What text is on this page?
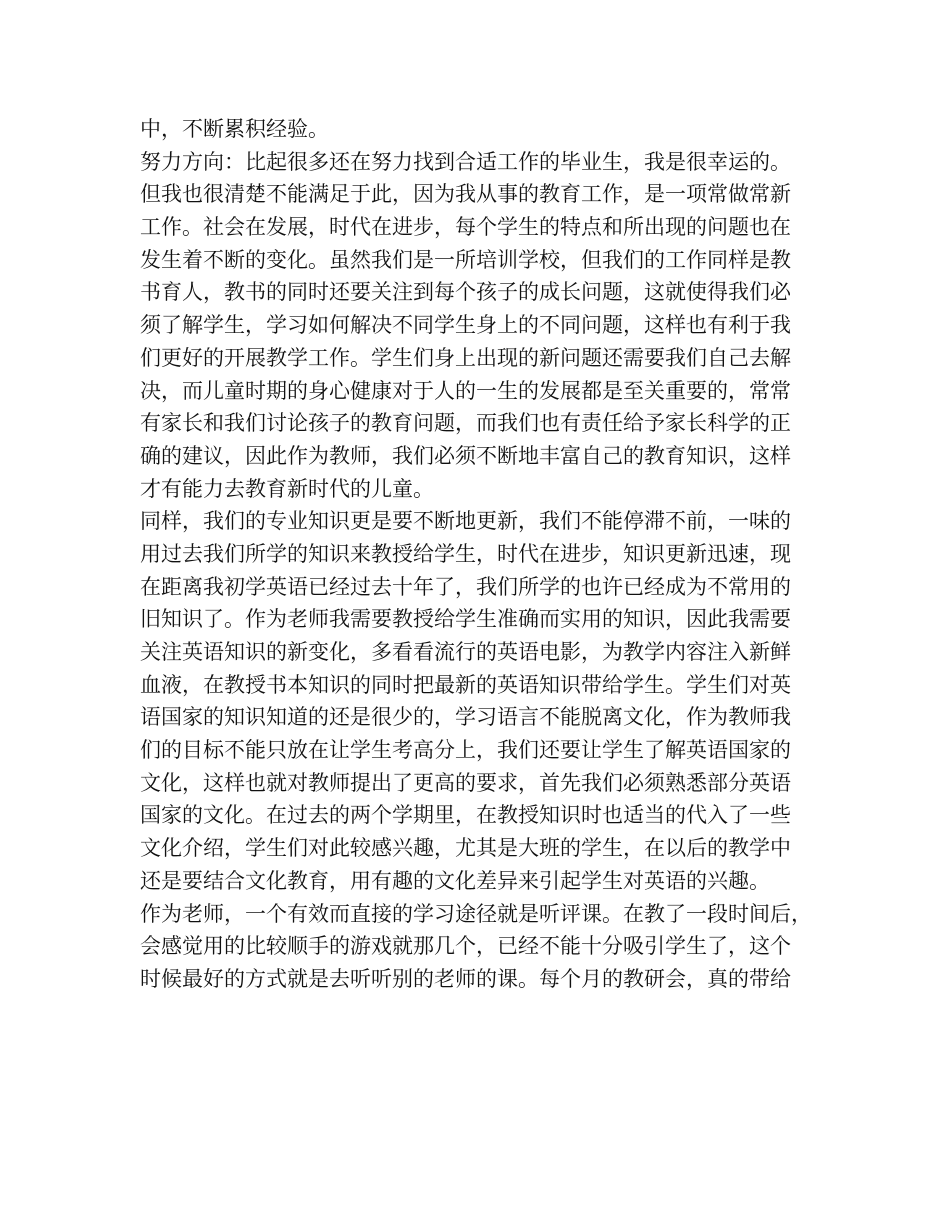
中，不断累积经验。
努力方向：比起很多还在努力找到合适工作的毕业生，我是很幸运的。
但我也很清楚不能满足于此，因为我从事的教育工作，是一项常做常新
工作。社会在发展，时代在进步，每个学生的特点和所出现的问题也在
发生着不断的变化。虽然我们是一所培训学校，但我们的工作同样是教
书育人，教书的同时还要关注到每个孩子的成长问题，这就使得我们必
须了解学生，学习如何解决不同学生身上的不同问题，这样也有利于我
们更好的开展教学工作。学生们身上出现的新问题还需要我们自己去解
决，而儿童时期的身心健康对于人的一生的发展都是至关重要的，常常
有家长和我们讨论孩子的教育问题，而我们也有责任给予家长科学的正
确的建议，因此作为教师，我们必须不断地丰富自己的教育知识，这样
才有能力去教育新时代的儿童。
同样，我们的专业知识更是要不断地更新，我们不能停滞不前，一味的
用过去我们所学的知识来教授给学生，时代在进步，知识更新迅速，现
在距离我初学英语已经过去十年了，我们所学的也许已经成为不常用的
旧知识了。作为老师我需要教授给学生准确而实用的知识，因此我需要
关注英语知识的新变化，多看看流行的英语电影，为教学内容注入新鲜
血液，在教授书本知识的同时把最新的英语知识带给学生。学生们对英
语国家的知识知道的还是很少的，学习语言不能脱离文化，作为教师我
们的目标不能只放在让学生考高分上，我们还要让学生了解英语国家的
文化，这样也就对教师提出了更高的要求，首先我们必须熟悉部分英语
国家的文化。在过去的两个学期里，在教授知识时也适当的代入了一些
文化介绍，学生们对此较感兴趣，尤其是大班的学生，在以后的教学中
还是要结合文化教育，用有趣的文化差异来引起学生对英语的兴趣。
作为老师，一个有效而直接的学习途径就是听评课。在教了一段时间后，
会感觉用的比较顺手的游戏就那几个，已经不能十分吸引学生了，这个
时候最好的方式就是去听听别的老师的课。每个月的教研会，真的带给
